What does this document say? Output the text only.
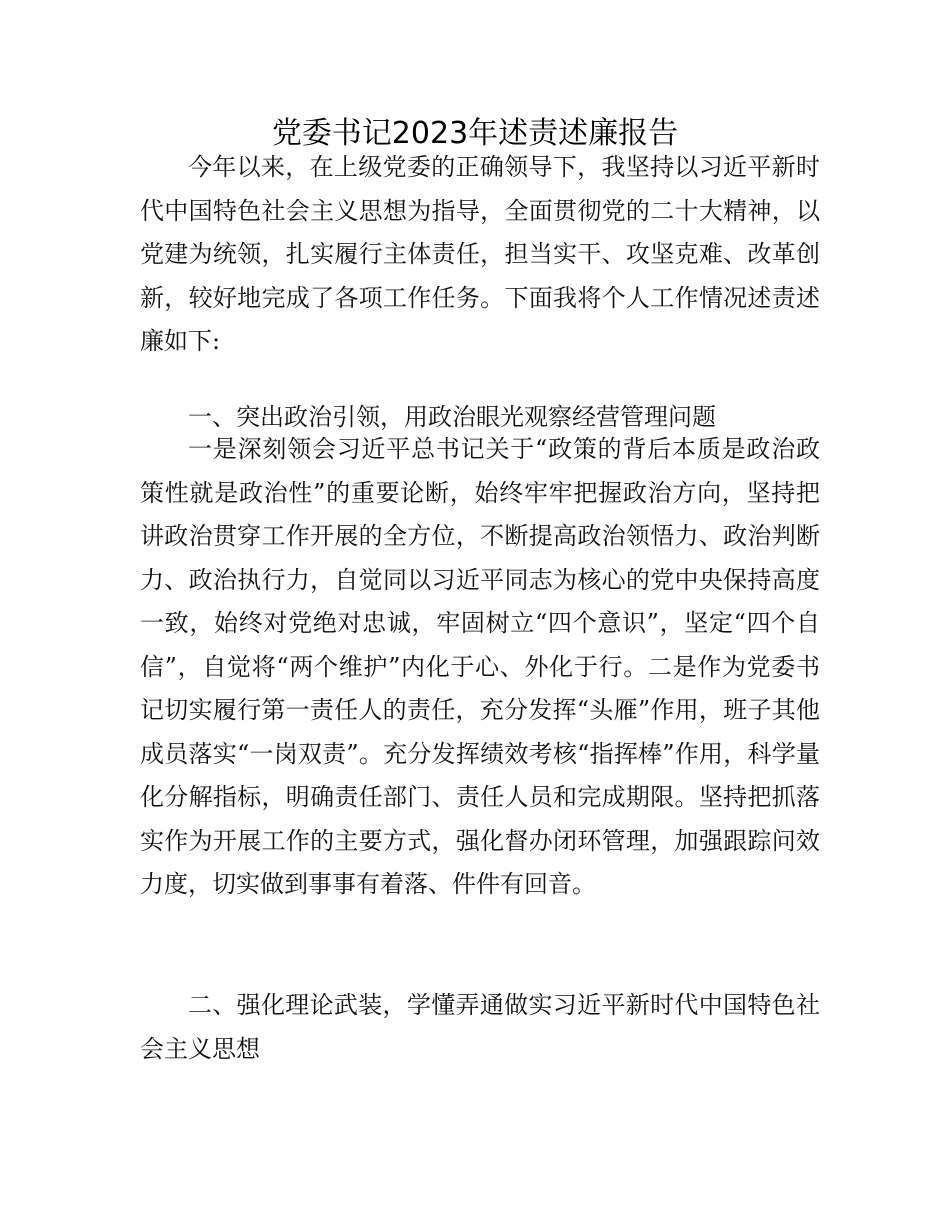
党委书记2023年述责述廉报告

今年以来，在上级党委的正确领导下，我坚持以习近平新时代中国特色社会主义思想为指导，全面贯彻党的二十大精神，以党建为统领，扎实履行主体责任，担当实干、攻坚克难、改革创新，较好地完成了各项工作任务。下面我将个人工作情况述责述廉如下:

一、突出政治引领，用政治眼光观察经营管理问题

一是深刻领会习近平总书记关于“政策的背后本质是政治政策性就是政治性”的重要论断，始终牢牢把握政治方向，坚持把讲政治贯穿工作开展的全方位，不断提高政治领悟力、政治判断力、政治执行力，自觉同以习近平同志为核心的党中央保持高度一致，始终对党绝对忠诚，牢固树立“四个意识”，坚定“四个自信”，自觉将“两个维护”内化于心、外化于行。二是作为党委书记切实履行第一责任人的责任，充分发挥“头雁”作用，班子其他成员落实“一岗双责”。充分发挥绩效考核“指挥棒”作用，科学量化分解指标，明确责任部门、责任人员和完成期限。坚持把抓落实作为开展工作的主要方式，强化督办闭环管理，加强跟踪问效力度，切实做到事事有着落、件件有回音。

二、强化理论武装，学懂弄通做实习近平新时代中国特色社会主义思想
